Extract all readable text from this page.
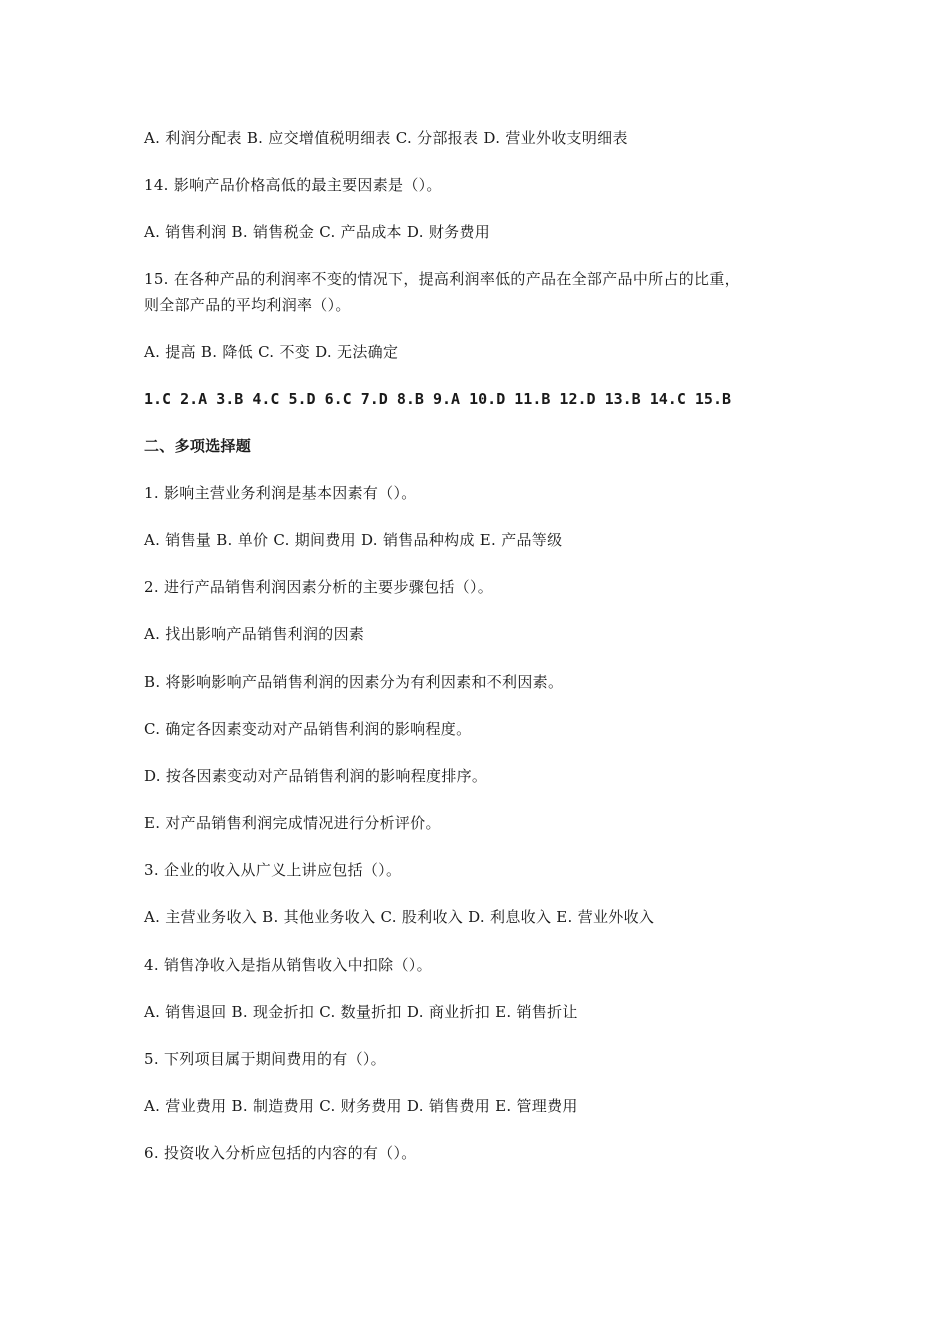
A. 利润分配表 B. 应交增值税明细表 C. 分部报表 D. 营业外收支明细表
14. 影响产品价格高低的最主要因素是（）。
A. 销售利润 B. 销售税金 C. 产品成本 D. 财务费用
15. 在各种产品的利润率不变的情况下，提高利润率低的产品在全部产品中所占的比重，
则全部产品的平均利润率（）。
A. 提高 B. 降低 C. 不变 D. 无法确定
1.C 2.A 3.B 4.C 5.D 6.C 7.D 8.B 9.A 10.D 11.B 12.D 13.B 14.C 15.B
二、多项选择题
1. 影响主营业务利润是基本因素有（）。
A. 销售量 B. 单价 C. 期间费用 D. 销售品种构成 E. 产品等级
2. 进行产品销售利润因素分析的主要步骤包括（）。
A. 找出影响产品销售利润的因素
B. 将影响影响产品销售利润的因素分为有利因素和不利因素。
C. 确定各因素变动对产品销售利润的影响程度。
D. 按各因素变动对产品销售利润的影响程度排序。
E. 对产品销售利润完成情况进行分析评价。
3. 企业的收入从广义上讲应包括（）。
A. 主营业务收入 B. 其他业务收入 C. 股利收入 D. 利息收入 E. 营业外收入
4. 销售净收入是指从销售收入中扣除（）。
A. 销售退回 B. 现金折扣 C. 数量折扣 D. 商业折扣 E. 销售折让
5. 下列项目属于期间费用的有（）。
A. 营业费用 B. 制造费用 C. 财务费用 D. 销售费用 E. 管理费用
6. 投资收入分析应包括的内容的有（）。
